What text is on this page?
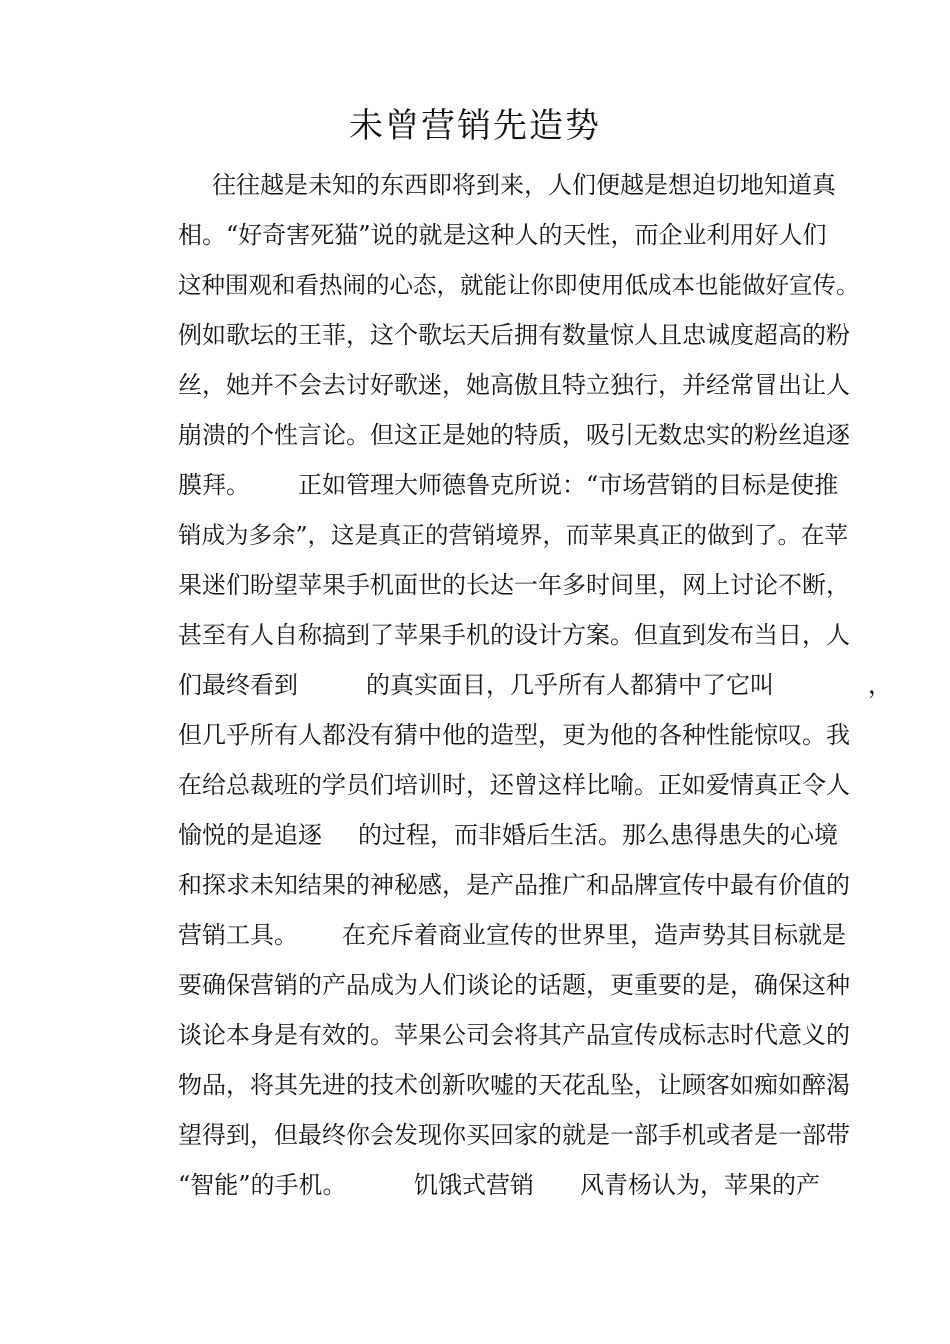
未曾营销先造势
往往越是未知的东西即将到来，人们便越是想迫切地知道真
相。“好奇害死猫”说的就是这种人的天性，而企业利用好人们
这种围观和看热闹的心态，就能让你即使用低成本也能做好宣传。
例如歌坛的王菲，这个歌坛天后拥有数量惊人且忠诚度超高的粉
丝，她并不会去讨好歌迷，她高傲且特立独行，并经常冒出让人
崩溃的个性言论。但这正是她的特质，吸引无数忠实的粉丝追逐
膜拜。 正如管理大师德鲁克所说：“市场营销的目标是使推
销成为多余”，这是真正的营销境界，而苹果真正的做到了。在苹
果迷们盼望苹果手机面世的长达一年多时间里，网上讨论不断，
甚至有人自称搞到了苹果手机的设计方案。但直到发布当日，人
们最终看到	的真实面目，几乎所有人都猜中了它叫	，
但几乎所有人都没有猜中他的造型，更为他的各种性能惊叹。我
在给总裁班的学员们培训时，还曾这样比喻。正如爱情真正令人
愉悦的是追逐 的过程，而非婚后生活。那么患得患失的心境
和探求未知结果的神秘感，是产品推广和品牌宣传中最有价值的
营销工具。 在充斥着商业宣传的世界里，造声势其目标就是
要确保营销的产品成为人们谈论的话题，更重要的是，确保这种
谈论本身是有效的。苹果公司会将其产品宣传成标志时代意义的
物品，将其先进的技术创新吹嘘的天花乱坠，让顾客如痴如醉渴
望得到，但最终你会发现你买回家的就是一部手机或者是一部带
“智能”的手机。	饥饿式营销 风青杨认为，苹果的产
